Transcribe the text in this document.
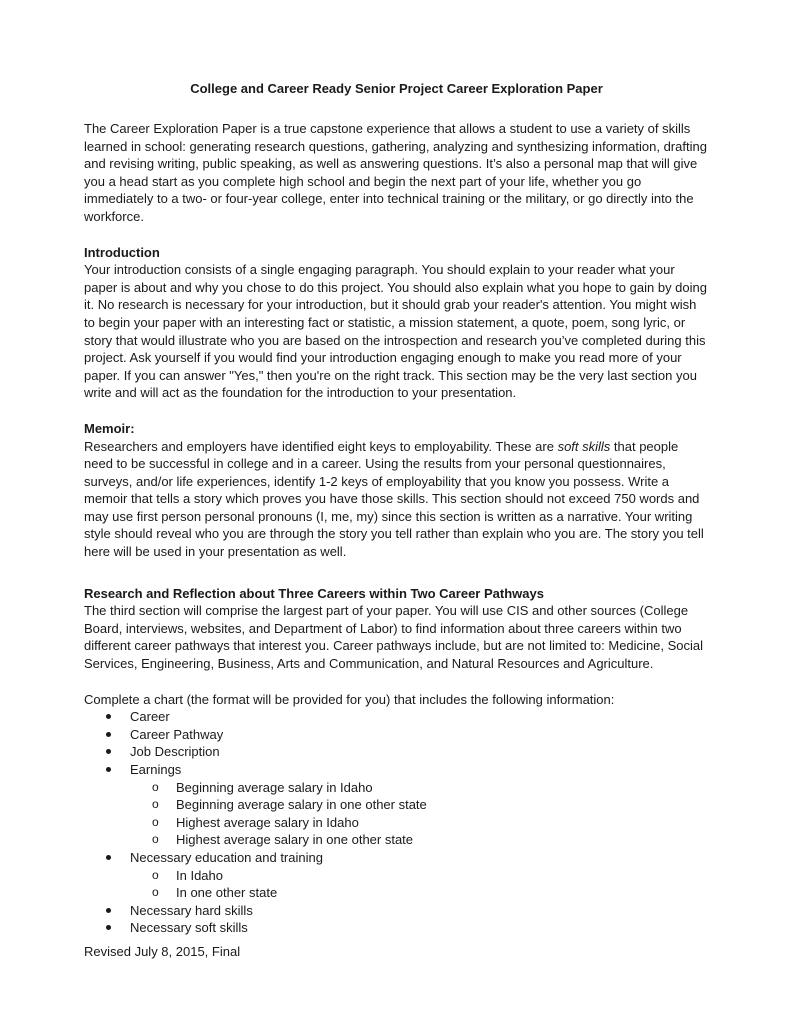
College and Career Ready Senior Project Career Exploration Paper

The Career Exploration Paper is a true capstone experience that allows a student to use a variety of skills learned in school: generating research questions, gathering, analyzing and synthesizing information, drafting and revising writing, public speaking, as well as answering questions. It’s also a personal map that will give you a head start as you complete high school and begin the next part of your life, whether you go immediately to a two- or four-year college, enter into technical training or the military, or go directly into the workforce.

Introduction

Your introduction consists of a single engaging paragraph. You should explain to your reader what your paper is about and why you chose to do this project. You should also explain what you hope to gain by doing it. No research is necessary for your introduction, but it should grab your reader's attention. You might wish to begin your paper with an interesting fact or statistic, a mission statement, a quote, poem, song lyric, or story that would illustrate who you are based on the introspection and research you’ve completed during this project. Ask yourself if you would find your introduction engaging enough to make you read more of your paper. If you can answer "Yes," then you're on the right track. This section may be the very last section you write and will act as the foundation for the introduction to your presentation.

Memoir:

Researchers and employers have identified eight keys to employability. These are soft skills that people need to be successful in college and in a career. Using the results from your personal questionnaires, surveys, and/or life experiences, identify 1-2 keys of employability that you know you possess. Write a memoir that tells a story which proves you have those skills. This section should not exceed 750 words and may use first person personal pronouns (I, me, my) since this section is written as a narrative. Your writing style should reveal who you are through the story you tell rather than explain who you are. The story you tell here will be used in your presentation as well.

Research and Reflection about Three Careers within Two Career Pathways

The third section will comprise the largest part of your paper. You will use CIS and other sources (College Board, interviews, websites, and Department of Labor) to find information about three careers within two different career pathways that interest you. Career pathways include, but are not limited to: Medicine, Social Services, Engineering, Business, Arts and Communication, and Natural Resources and Agriculture.

Complete a chart (the format will be provided for you) that includes the following information:

Career
Career Pathway
Job Description
Earnings
o Beginning average salary in Idaho
o Beginning average salary in one other state
o Highest average salary in Idaho
o Highest average salary in one other state
Necessary education and training
o In Idaho
o In one other state
Necessary hard skills
Necessary soft skills
Revised July 8, 2015, Final
